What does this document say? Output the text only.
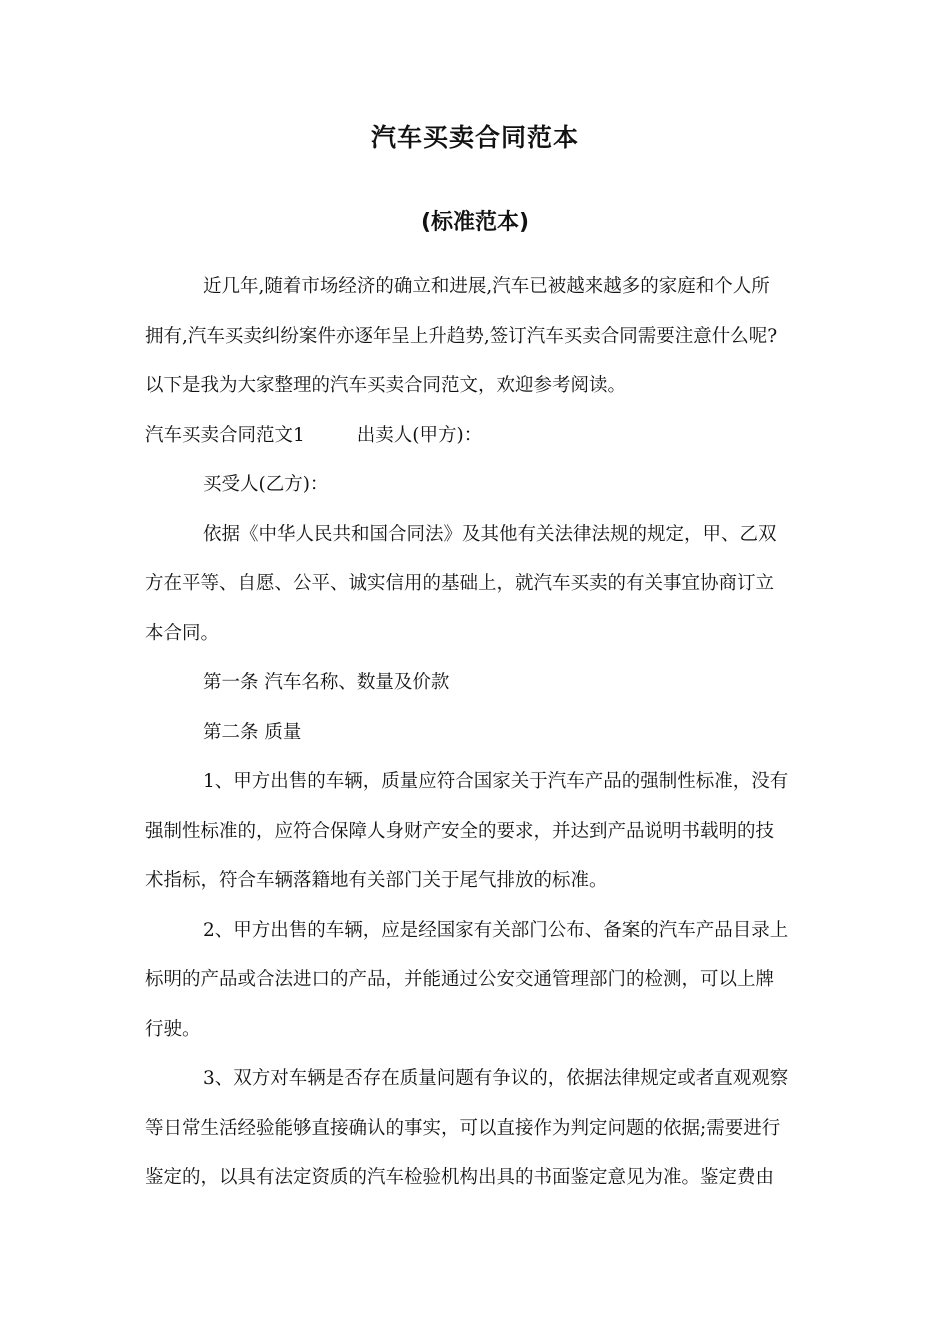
汽车买卖合同范本
(标准范本)

近几年,随着市场经济的确立和进展,汽车已被越来越多的家庭和个人所

拥有,汽车买卖纠纷案件亦逐年呈上升趋势,签订汽车买卖合同需要注意什么呢?

以下是我为大家整理的汽车买卖合同范文，欢迎参考阅读。

汽车买卖合同范文1	出卖人(甲方)：

买受人(乙方)：

依据《中华人民共和国合同法》及其他有关法律法规的规定，甲、乙双

方在平等、自愿、公平、诚实信用的基础上，就汽车买卖的有关事宜协商订立

本合同。

第一条 汽车名称、数量及价款

第二条 质量

1、甲方出售的车辆，质量应符合国家关于汽车产品的强制性标准，没有

强制性标准的，应符合保障人身财产安全的要求，并达到产品说明书载明的技

术指标，符合车辆落籍地有关部门关于尾气排放的标准。

2、甲方出售的车辆，应是经国家有关部门公布、备案的汽车产品目录上

标明的产品或合法进口的产品，并能通过公安交通管理部门的检测，可以上牌

行驶。

3、双方对车辆是否存在质量问题有争议的，依据法律规定或者直观观察

等日常生活经验能够直接确认的事实，可以直接作为判定问题的依据;需要进行

鉴定的，以具有法定资质的汽车检验机构出具的书面鉴定意见为准。鉴定费由
